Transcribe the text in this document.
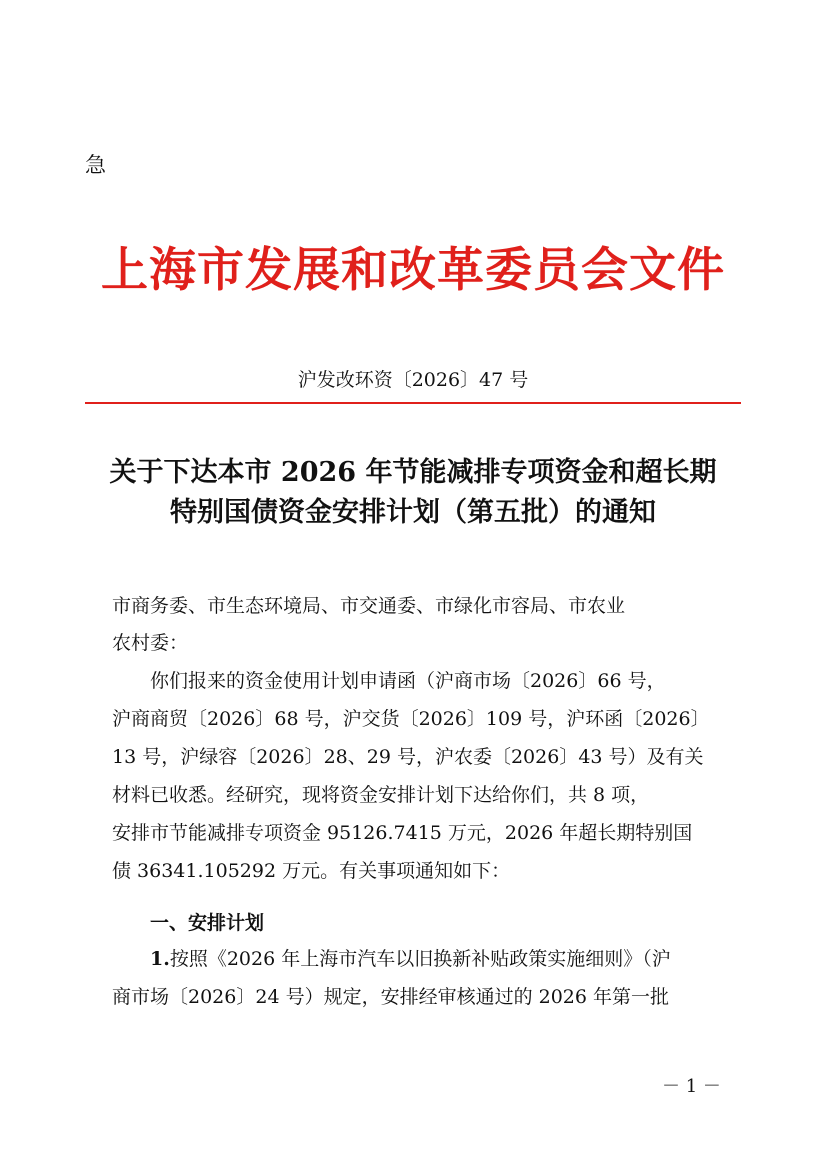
急
上海市发展和改革委员会文件
沪发改环资〔2026〕47 号
关于下达本市 2026 年节能减排专项资金和超长期
特别国债资金安排计划（第五批）的通知
市商务委、市生态环境局、市交通委、市绿化市容局、市农业
农村委：
你们报来的资金使用计划申请函（沪商市场〔2026〕66 号，
沪商商贸〔2026〕68 号，沪交货〔2026〕109 号，沪环函〔2026〕
13 号，沪绿容〔2026〕28、29 号，沪农委〔2026〕43 号）及有关
材料已收悉。经研究，现将资金安排计划下达给你们，共 8 项，
安排市节能减排专项资金 95126.7415 万元，2026 年超长期特别国
债 36341.105292 万元。有关事项通知如下：
一、安排计划
1.按照《2026 年上海市汽车以旧换新补贴政策实施细则》（沪
商市场〔2026〕24 号）规定，安排经审核通过的 2026 年第一批
－ 1 －
